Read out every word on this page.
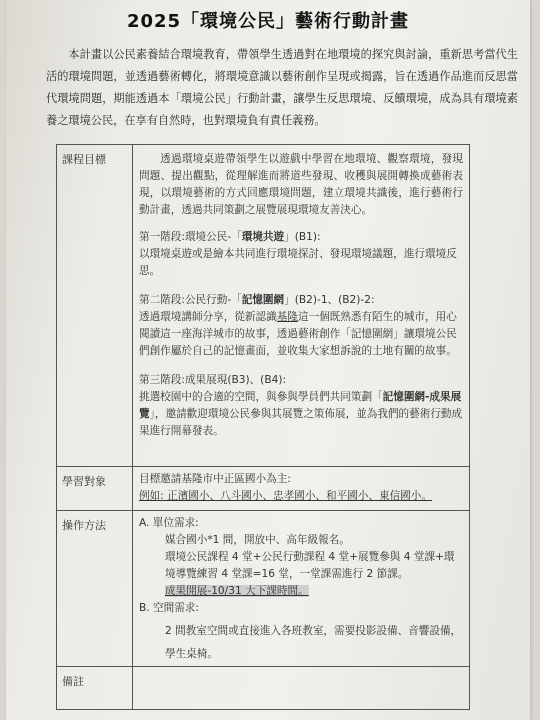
2025「環境公民」藝術行動計畫
本計畫以公民素養結合環境教育，帶領學生透過對在地環境的探究與討論，重新思考當代生活的環境問題，並透過藝術轉化，將環境意識以藝術創作呈現或揭露，旨在透過作品進而反思當代環境問題，期能透過本「環境公民」行動計畫，讓學生反思環境、反饋環境，成為具有環境素養之環境公民，在享有自然時，也對環境負有責任義務。
課程目標	透過環境桌遊帶領學生以遊戲中學習在地環境、觀察環境，發現問題、提出觀點，從理解進而將道些發現、收穫與展開轉換成藝術表現，以環境藝術的方式回應環境問題，建立環境共識後，進行藝術行動計畫，透過共同策劃之展覽展現環境友善決心。

第一階段:環境公民-「環境共遊」(B1):

以環境桌遊或是繪本共同進行環境探討、發現環境議題，進行環境反思。

第二階段:公民行動-「記憶圍網」(B2)-1、(B2)-2:

透過環境講師分享，從新認識基隆這一個既熟悉有陌生的城市，用心閱讀這一座海洋城市的故事，透過藝術創作「記憶圍網」讓環境公民們創作屬於自己的記憶畫面，並收集大家想訴說的土地有關的故事。

第三階段:成果展現(B3)、(B4):

挑選校園中的合適的空間，與參與學員們共同策劃「記憶圍網-成果展覽」，邀請歡迎環境公民參與其展覽之策佈展，並為我們的藝術行動成果進行開幕發表。

學習對象	目標邀請基隆市中正區國小為主:
例如: 正濱國小、八斗國小、忠孝國小、和平國小、東信國小。
操作方法	A. 單位需求:
媒合國小*1 間，開放中、高年級報名。
環境公民課程 4 堂+公民行動課程 4 堂+展覽參與 4 堂課+環境導覽練習 4 堂課=16 堂，一堂課需進行 2 節課。
成果開展-10/31 大下課時間。
B. 空間需求:
2 間教室空間或直接進入各班教室，需要投影設備、音響設備，
學生桌椅。
備註
